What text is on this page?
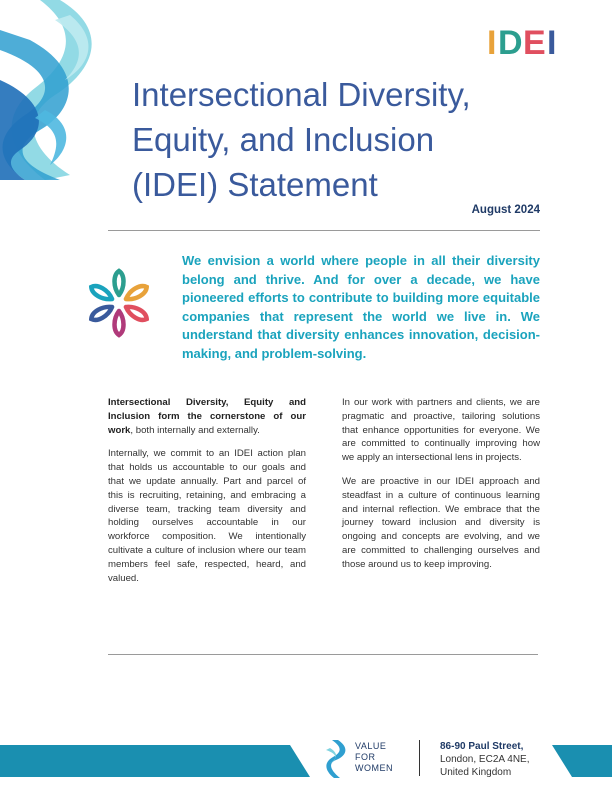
I D E I
Intersectional Diversity,
Equity, and Inclusion
(IDEI) Statement
August 2024
We envision a world where people in all their diversity belong and thrive. And for over a decade, we have pioneered efforts to contribute to building more equitable companies that represent the world we live in. We understand that diversity enhances innovation, decision-making, and problem-solving.

Intersectional Diversity, Equity and Inclusion form the cornerstone of our work, both internally and externally.

Internally, we commit to an IDEI action plan that holds us accountable to our goals and that we update annually. Part and parcel of this is recruiting, retaining, and embracing a diverse team, tracking team diversity and holding ourselves accountable in our workforce composition. We intentionally cultivate a culture of inclusion where our team members feel safe, respected, heard, and valued.

In our work with partners and clients, we are pragmatic and proactive, tailoring solutions that enhance opportunities for everyone. We are committed to continually improving how we apply an intersectional lens in projects.

We are proactive in our IDEI approach and steadfast in a culture of continuous learning and internal reflection. We embrace that the journey toward inclusion and diversity is ongoing and concepts are evolving, and we are committed to challenging ourselves and those around us to keep improving.

VALUE
FOR
WOMEN
86-90 Paul Street,
London, EC2A 4NE,
United Kingdom
